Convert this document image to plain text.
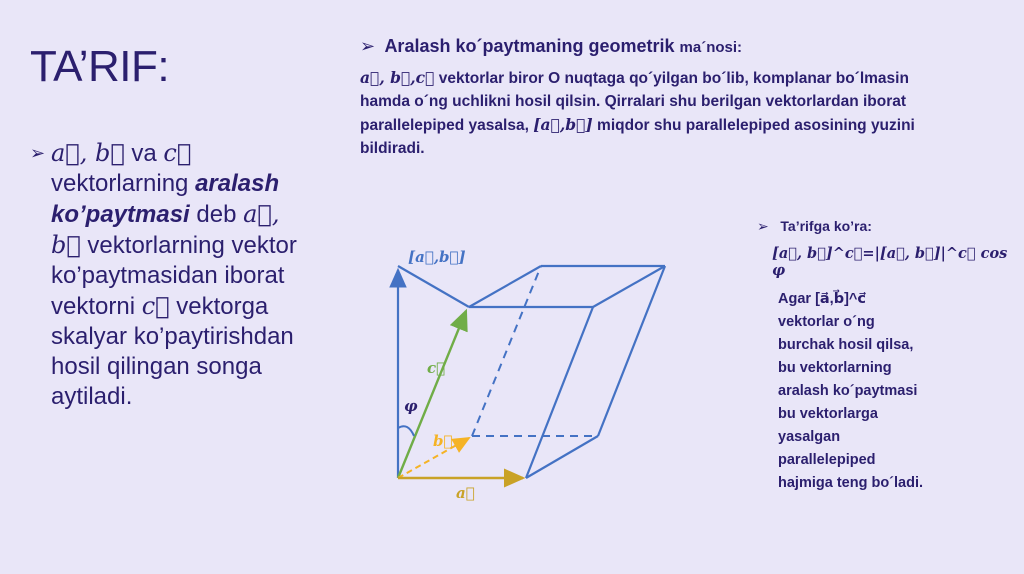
TA’RIF:
➢ a⃗, b⃗ va c⃗ vektorlarning aralash ko’paytmasi deb a⃗, b⃗ vektorlarning vektor ko’paytmasidan iborat vektorni c⃗ vektorga skalyar ko’paytirishdan hosil qilingan songa aytiladi.
➢ Aralash ko´paytmaning geometrik ma´nosi:
a⃗, b⃗,c⃗ vektorlar biror O nuqtaga qo´yilgan bo´lib, komplanar bo´lmasin hamda o´ng uchlikni hosil qilsin. Qirralari shu berilgan vektorlardan iborat parallelepiped yasalsa, [a⃗,b⃗] miqdor shu parallelepiped asosining yuzini bildiradi.
➢ Ta’rifga ko’ra:
[a⃗, b⃗]^c⃗=|[a⃗, b⃗]|^c⃗ cos φ
Agar [a⃗,b⃗]^c⃗
vektorlar o´ng
burchak hosil qilsa,
bu vektorlarning
aralash ko´paytmasi
bu vektorlarga
yasalgan
parallelepiped
hajmiga teng bo´ladi.
[a⃗,b⃗]
c⃗
φ
b⃗
a⃗
